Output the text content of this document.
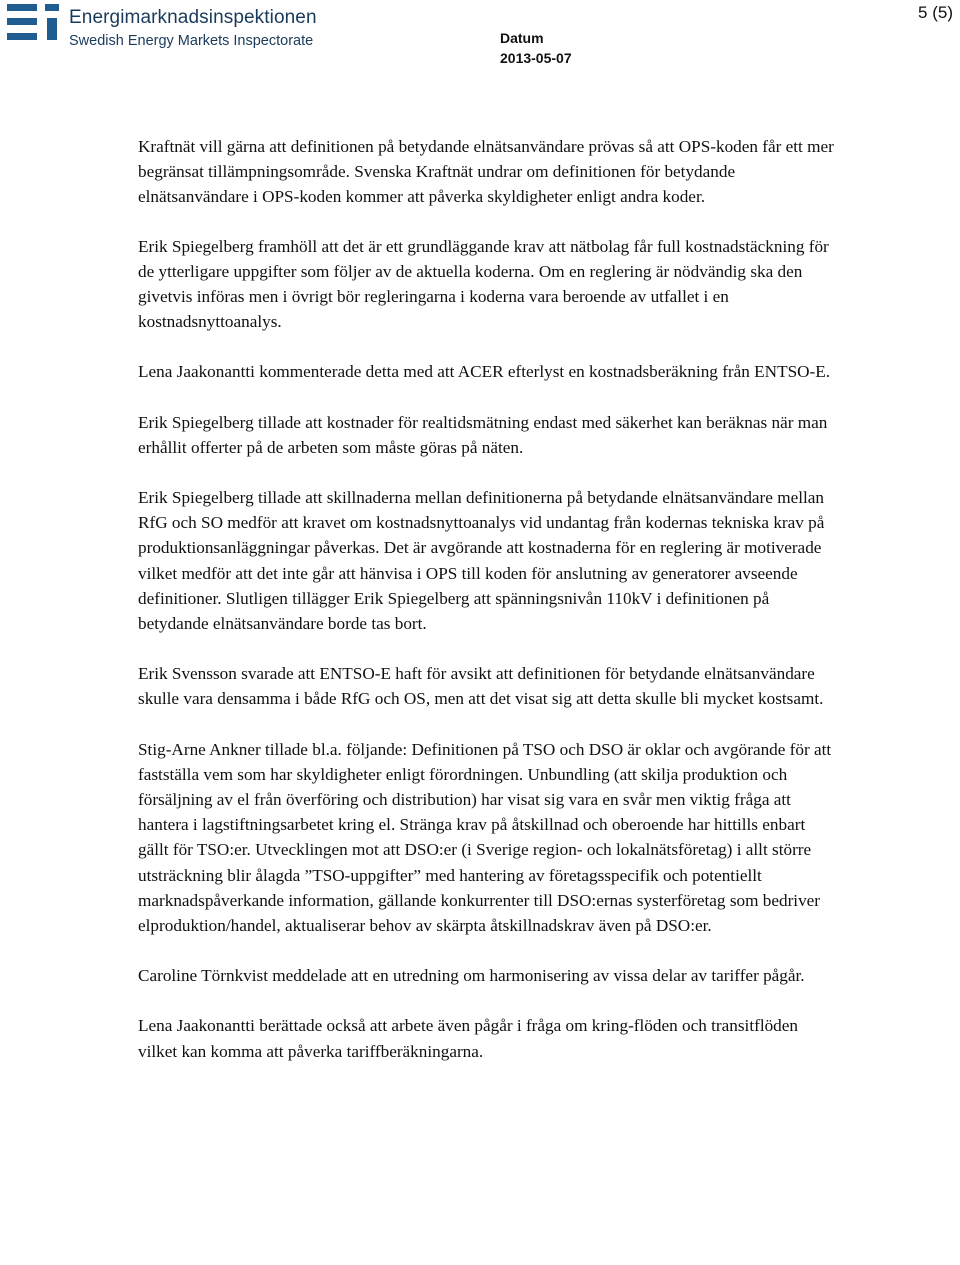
Energimarknadsinspektionen
Swedish Energy Markets Inspectorate	Datum
2013-05-07
5 (5)

Kraftnät vill gärna att definitionen på betydande elnätsanvändare prövas så att OPS-koden får ett mer begränsat tillämpningsområde. Svenska Kraftnät undrar om definitionen för betydande elnätsanvändare i OPS-koden kommer att påverka skyldigheter enligt andra koder.

Erik Spiegelberg framhöll att det är ett grundläggande krav att nätbolag får full kostnadstäckning för de ytterligare uppgifter som följer av de aktuella koderna. Om en reglering är nödvändig ska den givetvis införas men i övrigt bör regleringarna i koderna vara beroende av utfallet i en kostnadsnyttoanalys.

Lena Jaakonantti kommenterade detta med att ACER efterlyst en kostnadsberäkning från ENTSO-E.

Erik Spiegelberg tillade att kostnader för realtidsmätning endast med säkerhet kan beräknas när man erhållit offerter på de arbeten som måste göras på näten.

Erik Spiegelberg tillade att skillnaderna mellan definitionerna på betydande elnätsanvändare mellan RfG och SO medför att kravet om kostnadsnyttoanalys vid undantag från kodernas tekniska krav på produktionsanläggningar påverkas. Det är avgörande att kostnaderna för en reglering är motiverade vilket medför att det inte går att hänvisa i OPS till koden för anslutning av generatorer avseende definitioner. Slutligen tillägger Erik Spiegelberg att spänningsnivån 110kV i definitionen på betydande elnätsanvändare borde tas bort.

Erik Svensson svarade att ENTSO-E haft för avsikt att definitionen för betydande elnätsanvändare skulle vara densamma i både RfG och OS, men att det visat sig att detta skulle bli mycket kostsamt.

Stig-Arne Ankner tillade bl.a. följande: Definitionen på TSO och DSO är oklar och avgörande för att fastställa vem som har skyldigheter enligt förordningen. Unbundling (att skilja produktion och försäljning av el från överföring och distribution) har visat sig vara en svår men viktig fråga att hantera i lagstiftningsarbetet kring el. Stränga krav på åtskillnad och oberoende har hittills enbart gällt för TSO:er. Utvecklingen mot att DSO:er (i Sverige region- och lokalnätsföretag) i allt större utsträckning blir ålagda ”TSO-uppgifter” med hantering av företagsspecifik och potentiellt marknadspåverkande information, gällande konkurrenter till DSO:ernas systerföretag som bedriver elproduktion/handel, aktualiserar behov av skärpta åtskillnadskrav även på DSO:er.

Caroline Törnkvist meddelade att en utredning om harmonisering av vissa delar av tariffer pågår.

Lena Jaakonantti berättade också att arbete även pågår i fråga om kring-flöden och transitflöden vilket kan komma att påverka tariffberäkningarna.
